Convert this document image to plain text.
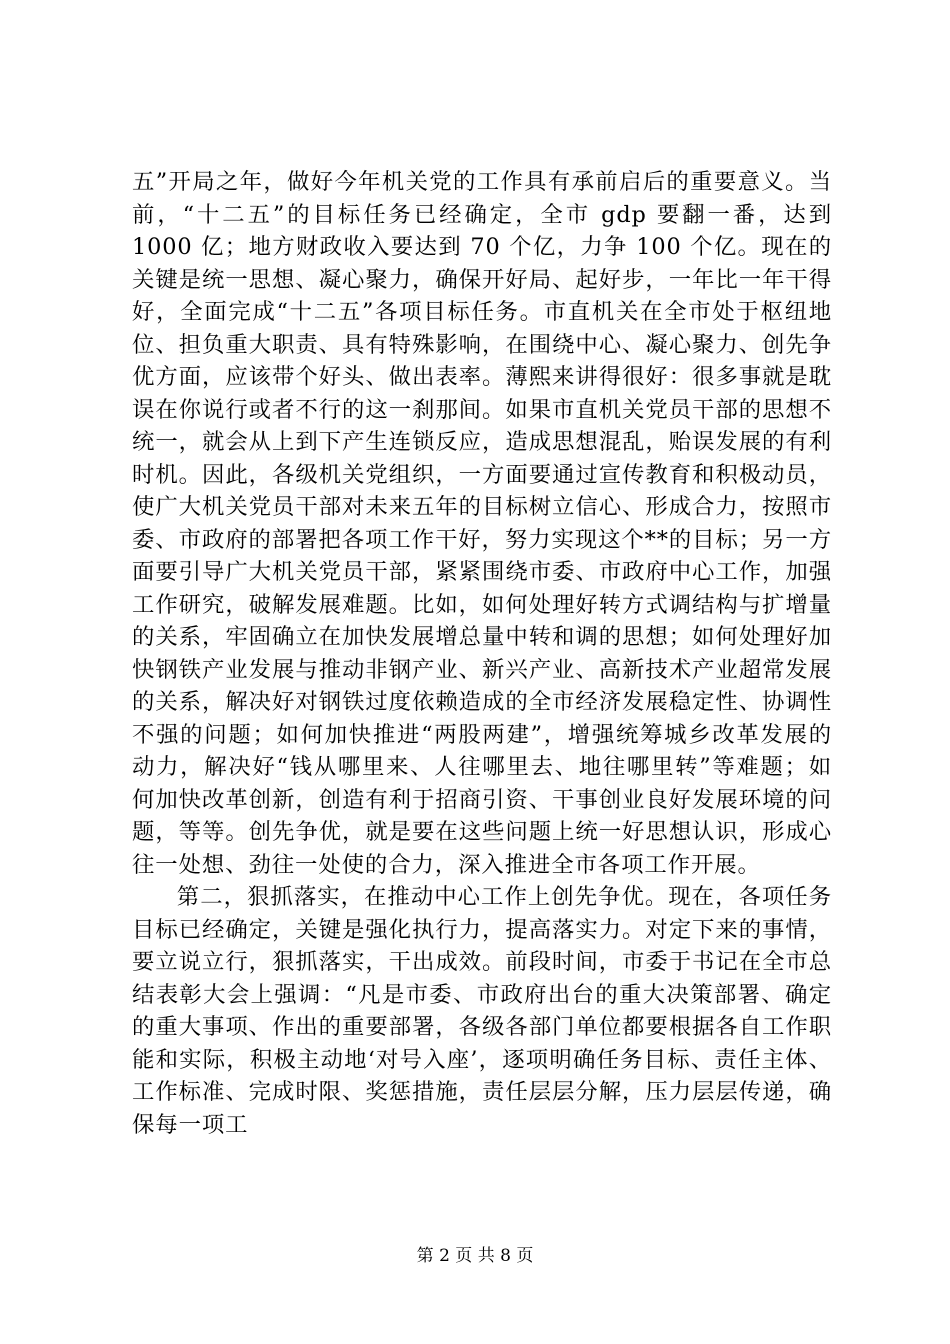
五”开局之年，做好今年机关党的工作具有承前启后的重要意义。当前，“十二五”的目标任务已经确定，全市 gdp 要翻一番，达到 1000 亿；地方财政收入要达到 70 个亿，力争 100 个亿。现在的关键是统一思想、凝心聚力，确保开好局、起好步，一年比一年干得好，全面完成“十二五”各项目标任务。市直机关在全市处于枢纽地位、担负重大职责、具有特殊影响，在围绕中心、凝心聚力、创先争优方面，应该带个好头、做出表率。薄熙来讲得很好：很多事就是耽误在你说行或者不行的这一刹那间。如果市直机关党员干部的思想不统一，就会从上到下产生连锁反应，造成思想混乱，贻误发展的有利时机。因此，各级机关党组织，一方面要通过宣传教育和积极动员，使广大机关党员干部对未来五年的目标树立信心、形成合力，按照市委、市政府的部署把各项工作干好，努力实现这个**的目标；另一方面要引导广大机关党员干部，紧紧围绕市委、市政府中心工作，加强工作研究，破解发展难题。比如，如何处理好转方式调结构与扩增量的关系，牢固确立在加快发展增总量中转和调的思想；如何处理好加快钢铁产业发展与推动非钢产业、新兴产业、高新技术产业超常发展的关系，解决好对钢铁过度依赖造成的全市经济发展稳定性、协调性不强的问题；如何加快推进“两股两建”，增强统筹城乡改革发展的动力，解决好“钱从哪里来、人往哪里去、地往哪里转”等难题；如何加快改革创新，创造有利于招商引资、干事创业良好发展环境的问题，等等。创先争优，就是要在这些问题上统一好思想认识，形成心往一处想、劲往一处使的合力，深入推进全市各项工作开展。

第二，狠抓落实，在推动中心工作上创先争优。现在，各项任务目标已经确定，关键是强化执行力，提高落实力。对定下来的事情，要立说立行，狠抓落实，干出成效。前段时间，市委于书记在全市总结表彰大会上强调：“凡是市委、市政府出台的重大决策部署、确定的重大事项、作出的重要部署，各级各部门单位都要根据各自工作职能和实际，积极主动地‘对号入座’，逐项明确任务目标、责任主体、工作标准、完成时限、奖惩措施，责任层层分解，压力层层传递，确保每一项工

第 2 页 共 8 页
